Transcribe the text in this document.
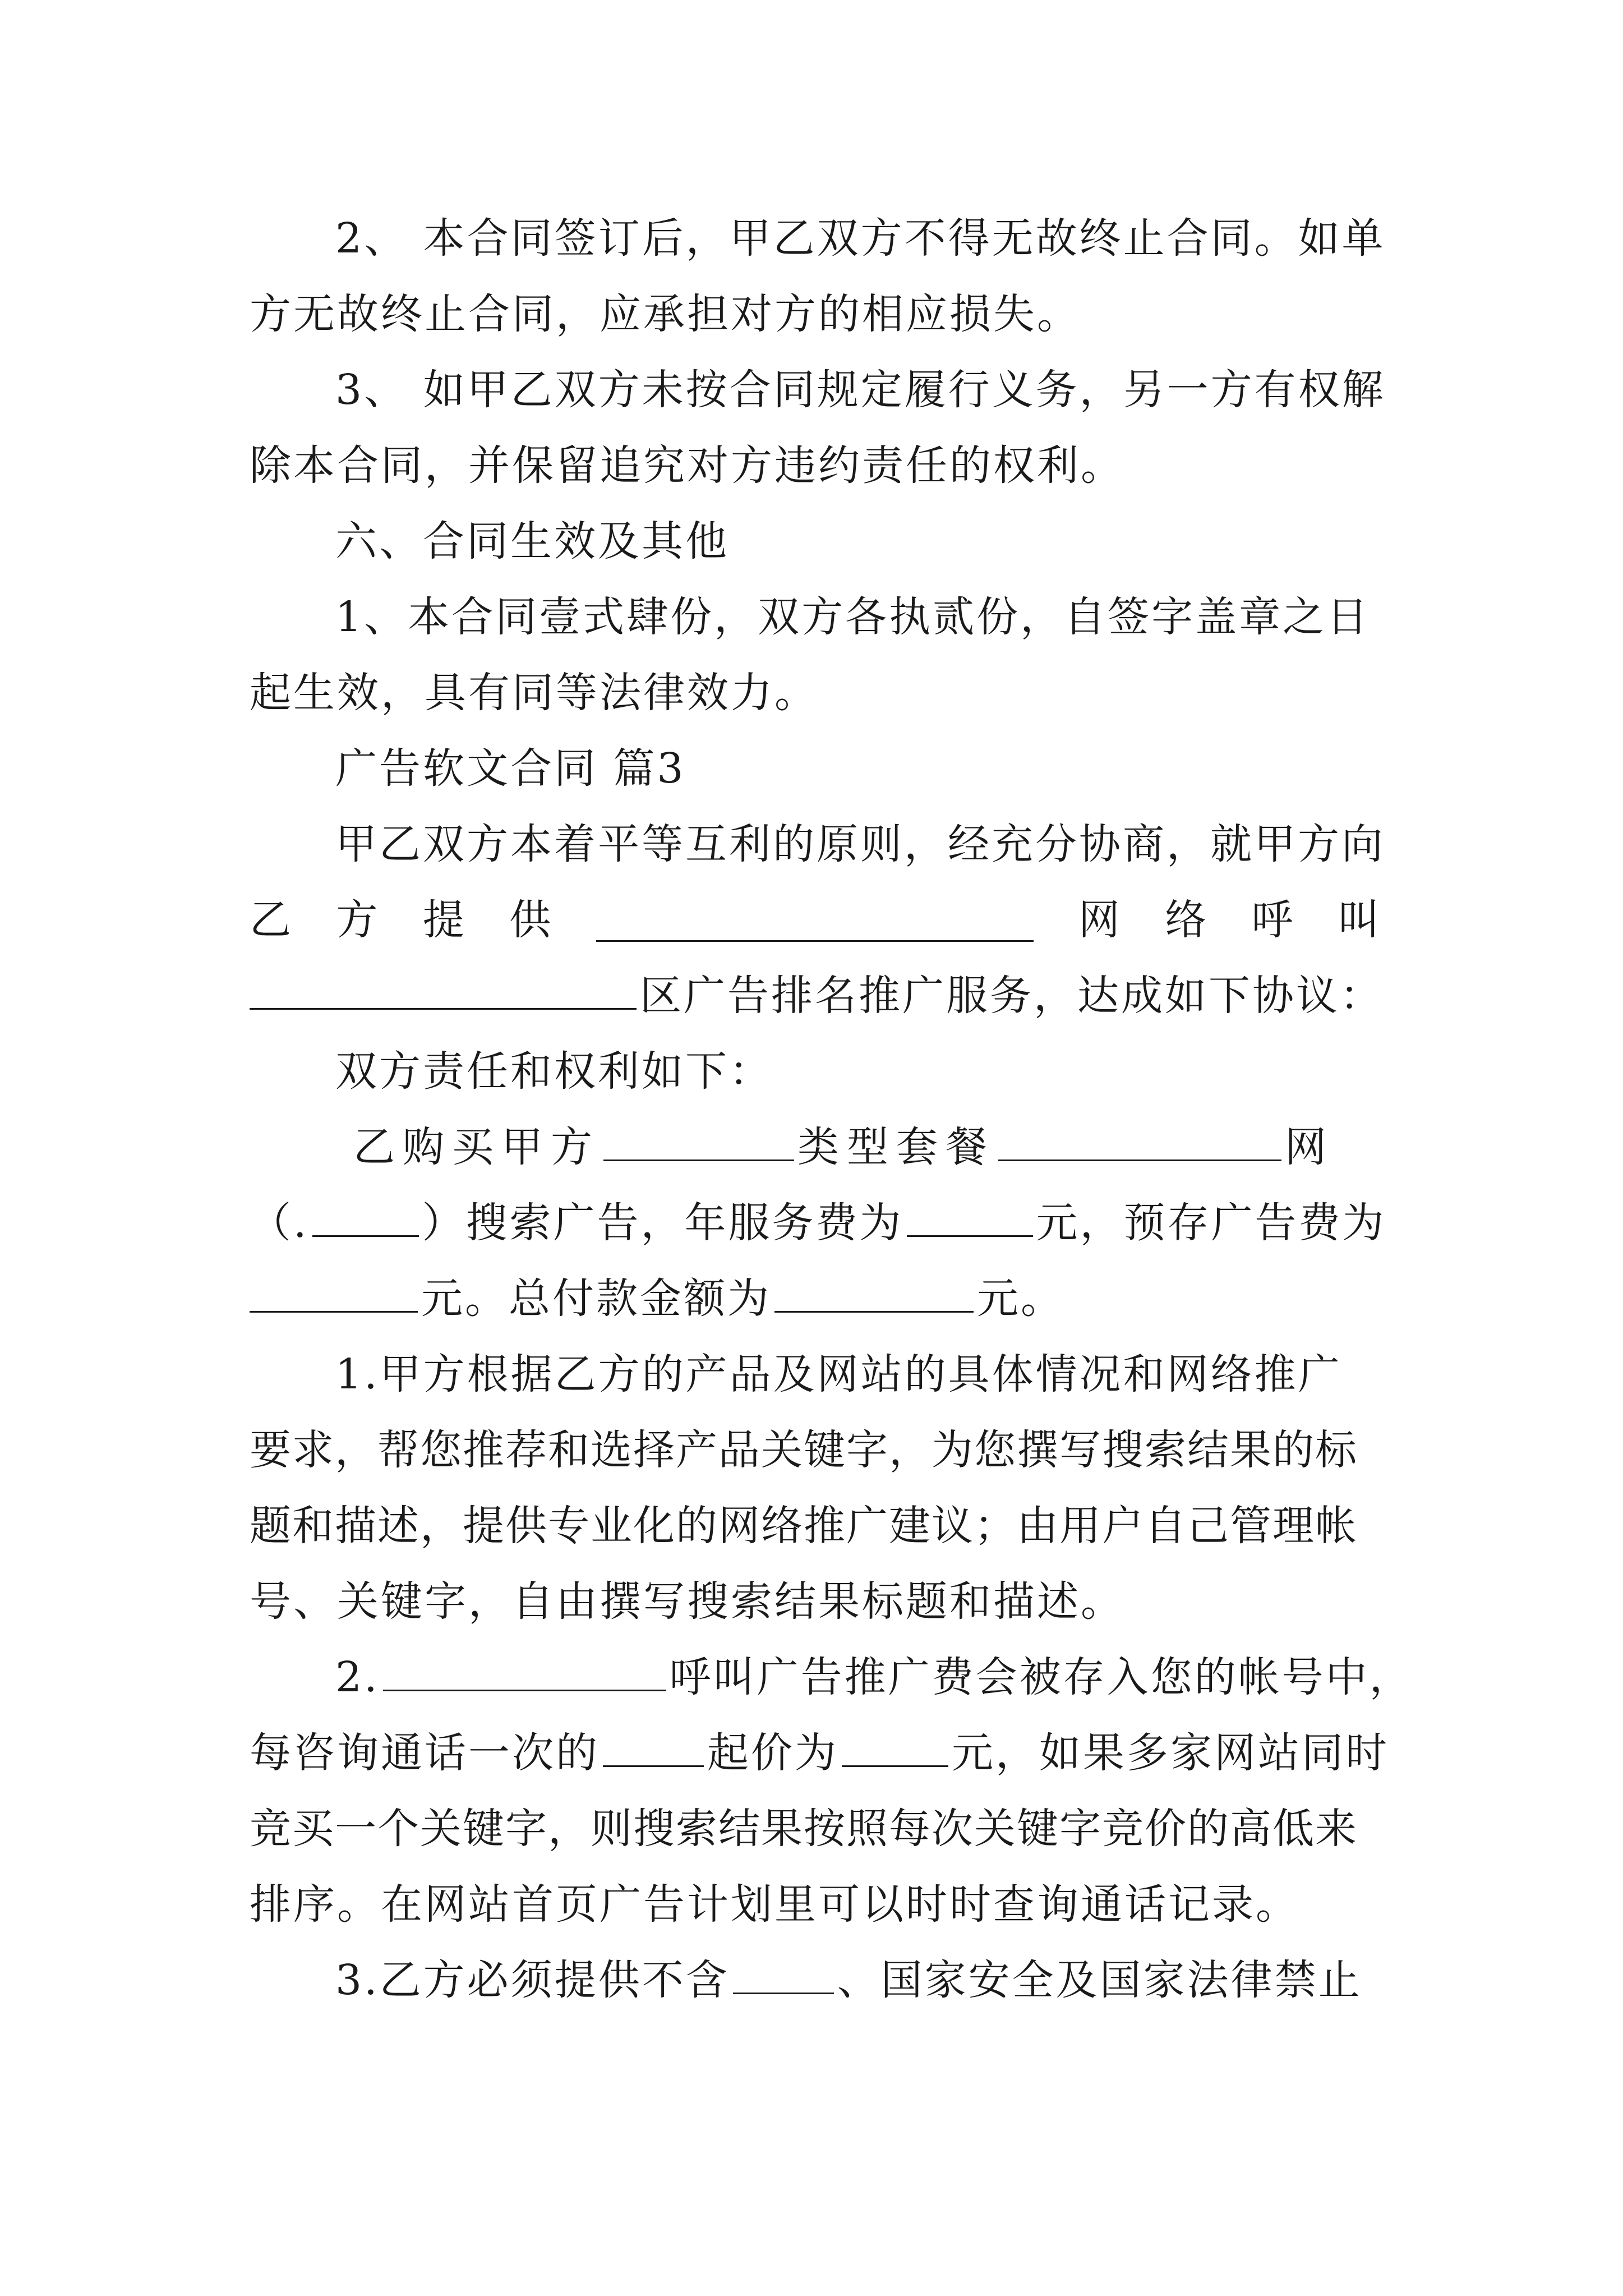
2、 本合同签订后，甲乙双方不得无故终止合同。如单
方无故终止合同，应承担对方的相应损失。
3、 如甲乙双方未按合同规定履行义务，另一方有权解
除本合同，并保留追究对方违约责任的权利。
六、合同生效及其他
1、本合同壹式肆份，双方各执贰份，自签字盖章之日
起生效，具有同等法律效力。
广告软文合同 篇3
甲乙双方本着平等互利的原则，经充分协商，就甲方向
乙 方 提 供	网 络 呼 叫
区广告排名推广服务，达成如下协议：
双方责任和权利如下：
乙购买甲方	类型套餐	网
（.	）搜索广告，年服务费为	元，预存广告费为
元。总付款金额为	元。
1.甲方根据乙方的产品及网站的具体情况和网络推广
要求，帮您推荐和选择产品关键字，为您撰写搜索结果的标
题和描述，提供专业化的网络推广建议；由用户自己管理帐
号、关键字，自由撰写搜索结果标题和描述。
2.	呼叫广告推广费会被存入您的帐号中，
每咨询通话一次的	起价为	元，如果多家网站同时
竞买一个关键字，则搜索结果按照每次关键字竞价的高低来
排序。在网站首页广告计划里可以时时查询通话记录。
3.乙方必须提供不含	、国家安全及国家法律禁止
